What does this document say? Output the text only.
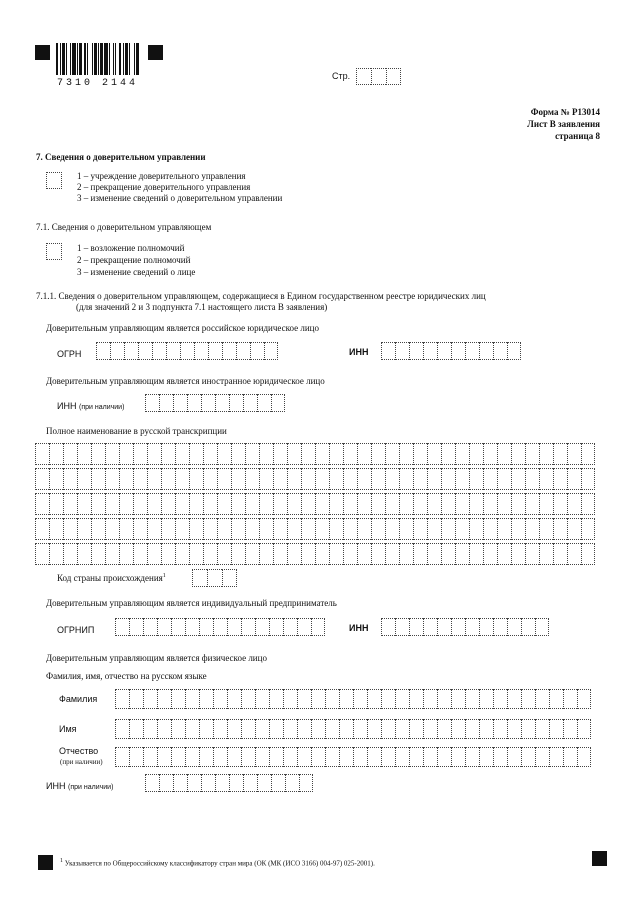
7310 2144
Стр.
Форма № Р13014
Лист В заявления
страница 8
7. Сведения о доверительном управлении
1 – учреждение доверительного управления
2 – прекращение доверительного управления
3 – изменение сведений о доверительном управлении
7.1. Сведения о доверительном управляющем
1 – возложение полномочий
2 – прекращение полномочий
3 – изменение сведений о лице
7.1.1. Сведения о доверительном управляющем, содержащиеся в Едином государственном реестре юридических лиц
(для значений 2 и 3 подпункта 7.1 настоящего листа В заявления)
Доверительным управляющим является российское юридическое лицо
ОГРН	ИНН
Доверительным управляющим является иностранное юридическое лицо
ИНН (при наличии)
Полное наименование в русской транскрипции
Код страны происхождения$^1$
Доверительным управляющим является индивидуальный предприниматель
ОГРНИП	ИНН
Доверительным управляющим является физическое лицо
Фамилия, имя, отчество на русском языке
Фамилия
Имя
Отчество
(при наличии)
ИНН (при наличии)
$^1$ Указывается по Общероссийскому классификатору стран мира (ОК (МК (ИСО 3166) 004-97) 025-2001).
